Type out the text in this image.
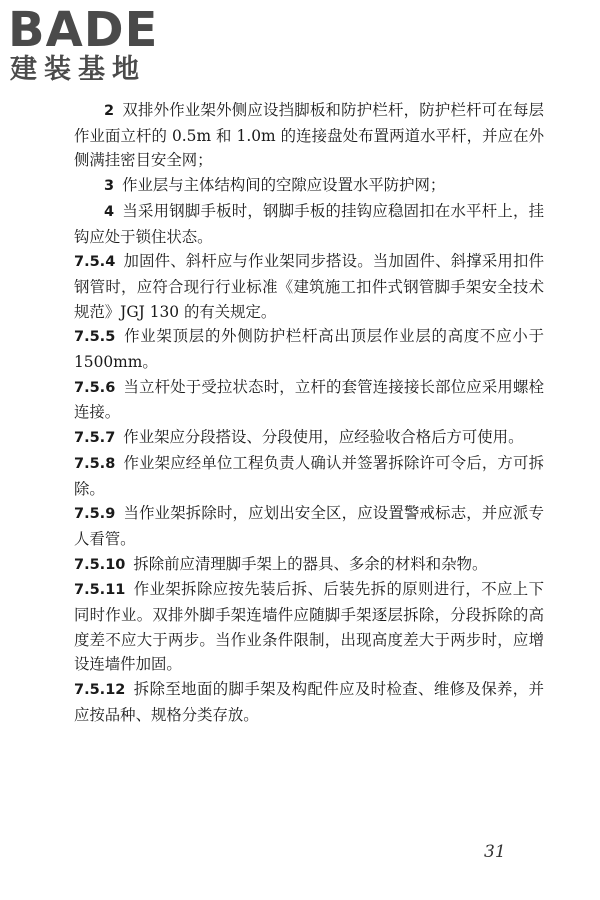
BADE
建装基地

2 双排外作业架外侧应设挡脚板和防护栏杆，防护栏杆可在每层作业面立杆的 0.5m 和 1.0m 的连接盘处布置两道水平杆，并应在外侧满挂密目安全网；

3 作业层与主体结构间的空隙应设置水平防护网；

4 当采用钢脚手板时，钢脚手板的挂钩应稳固扣在水平杆上，挂钩应处于锁住状态。

7.5.4 加固件、斜杆应与作业架同步搭设。当加固件、斜撑采用扣件钢管时，应符合现行行业标准《建筑施工扣件式钢管脚手架安全技术规范》JGJ 130 的有关规定。

7.5.5 作业架顶层的外侧防护栏杆高出顶层作业层的高度不应小于 1500mm。

7.5.6 当立杆处于受拉状态时，立杆的套管连接接长部位应采用螺栓连接。

7.5.7 作业架应分段搭设、分段使用，应经验收合格后方可使用。

7.5.8 作业架应经单位工程负责人确认并签署拆除许可令后，方可拆除。

7.5.9 当作业架拆除时，应划出安全区，应设置警戒标志，并应派专人看管。

7.5.10 拆除前应清理脚手架上的器具、多余的材料和杂物。

7.5.11 作业架拆除应按先装后拆、后装先拆的原则进行，不应上下同时作业。双排外脚手架连墙件应随脚手架逐层拆除，分段拆除的高度差不应大于两步。当作业条件限制，出现高度差大于两步时，应增设连墙件加固。

7.5.12 拆除至地面的脚手架及构配件应及时检查、维修及保养，并应按品种、规格分类存放。

31
